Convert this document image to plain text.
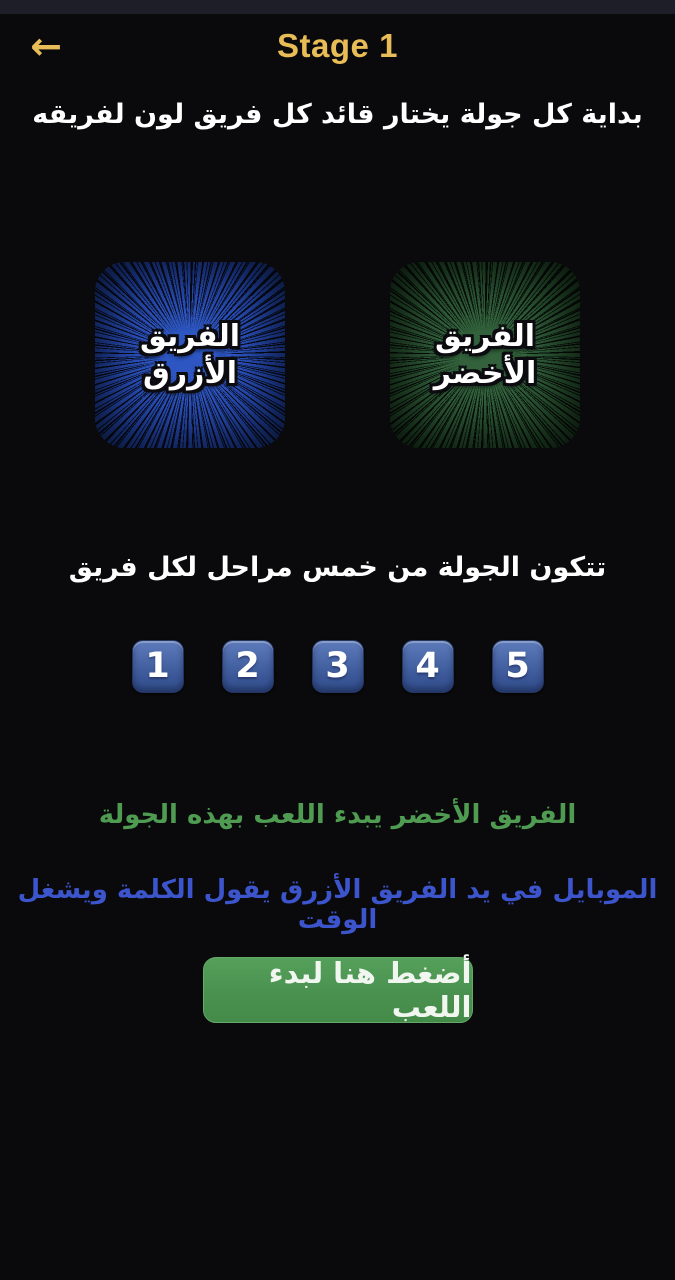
←	Stage 1
بداية كل جولة يختار قائد كل فريق لون لفريقه
الفريق
الأزرق
الفريق
الأخضر
تتكون الجولة من خمس مراحل لكل فريق
1 2 3 4 5
الفريق الأخضر يبدء اللعب بهذه الجولة
الموبايل في يد الفريق الأزرق يقول الكلمة ويشغل الوقت
أضغط هنا لبدء اللعب
